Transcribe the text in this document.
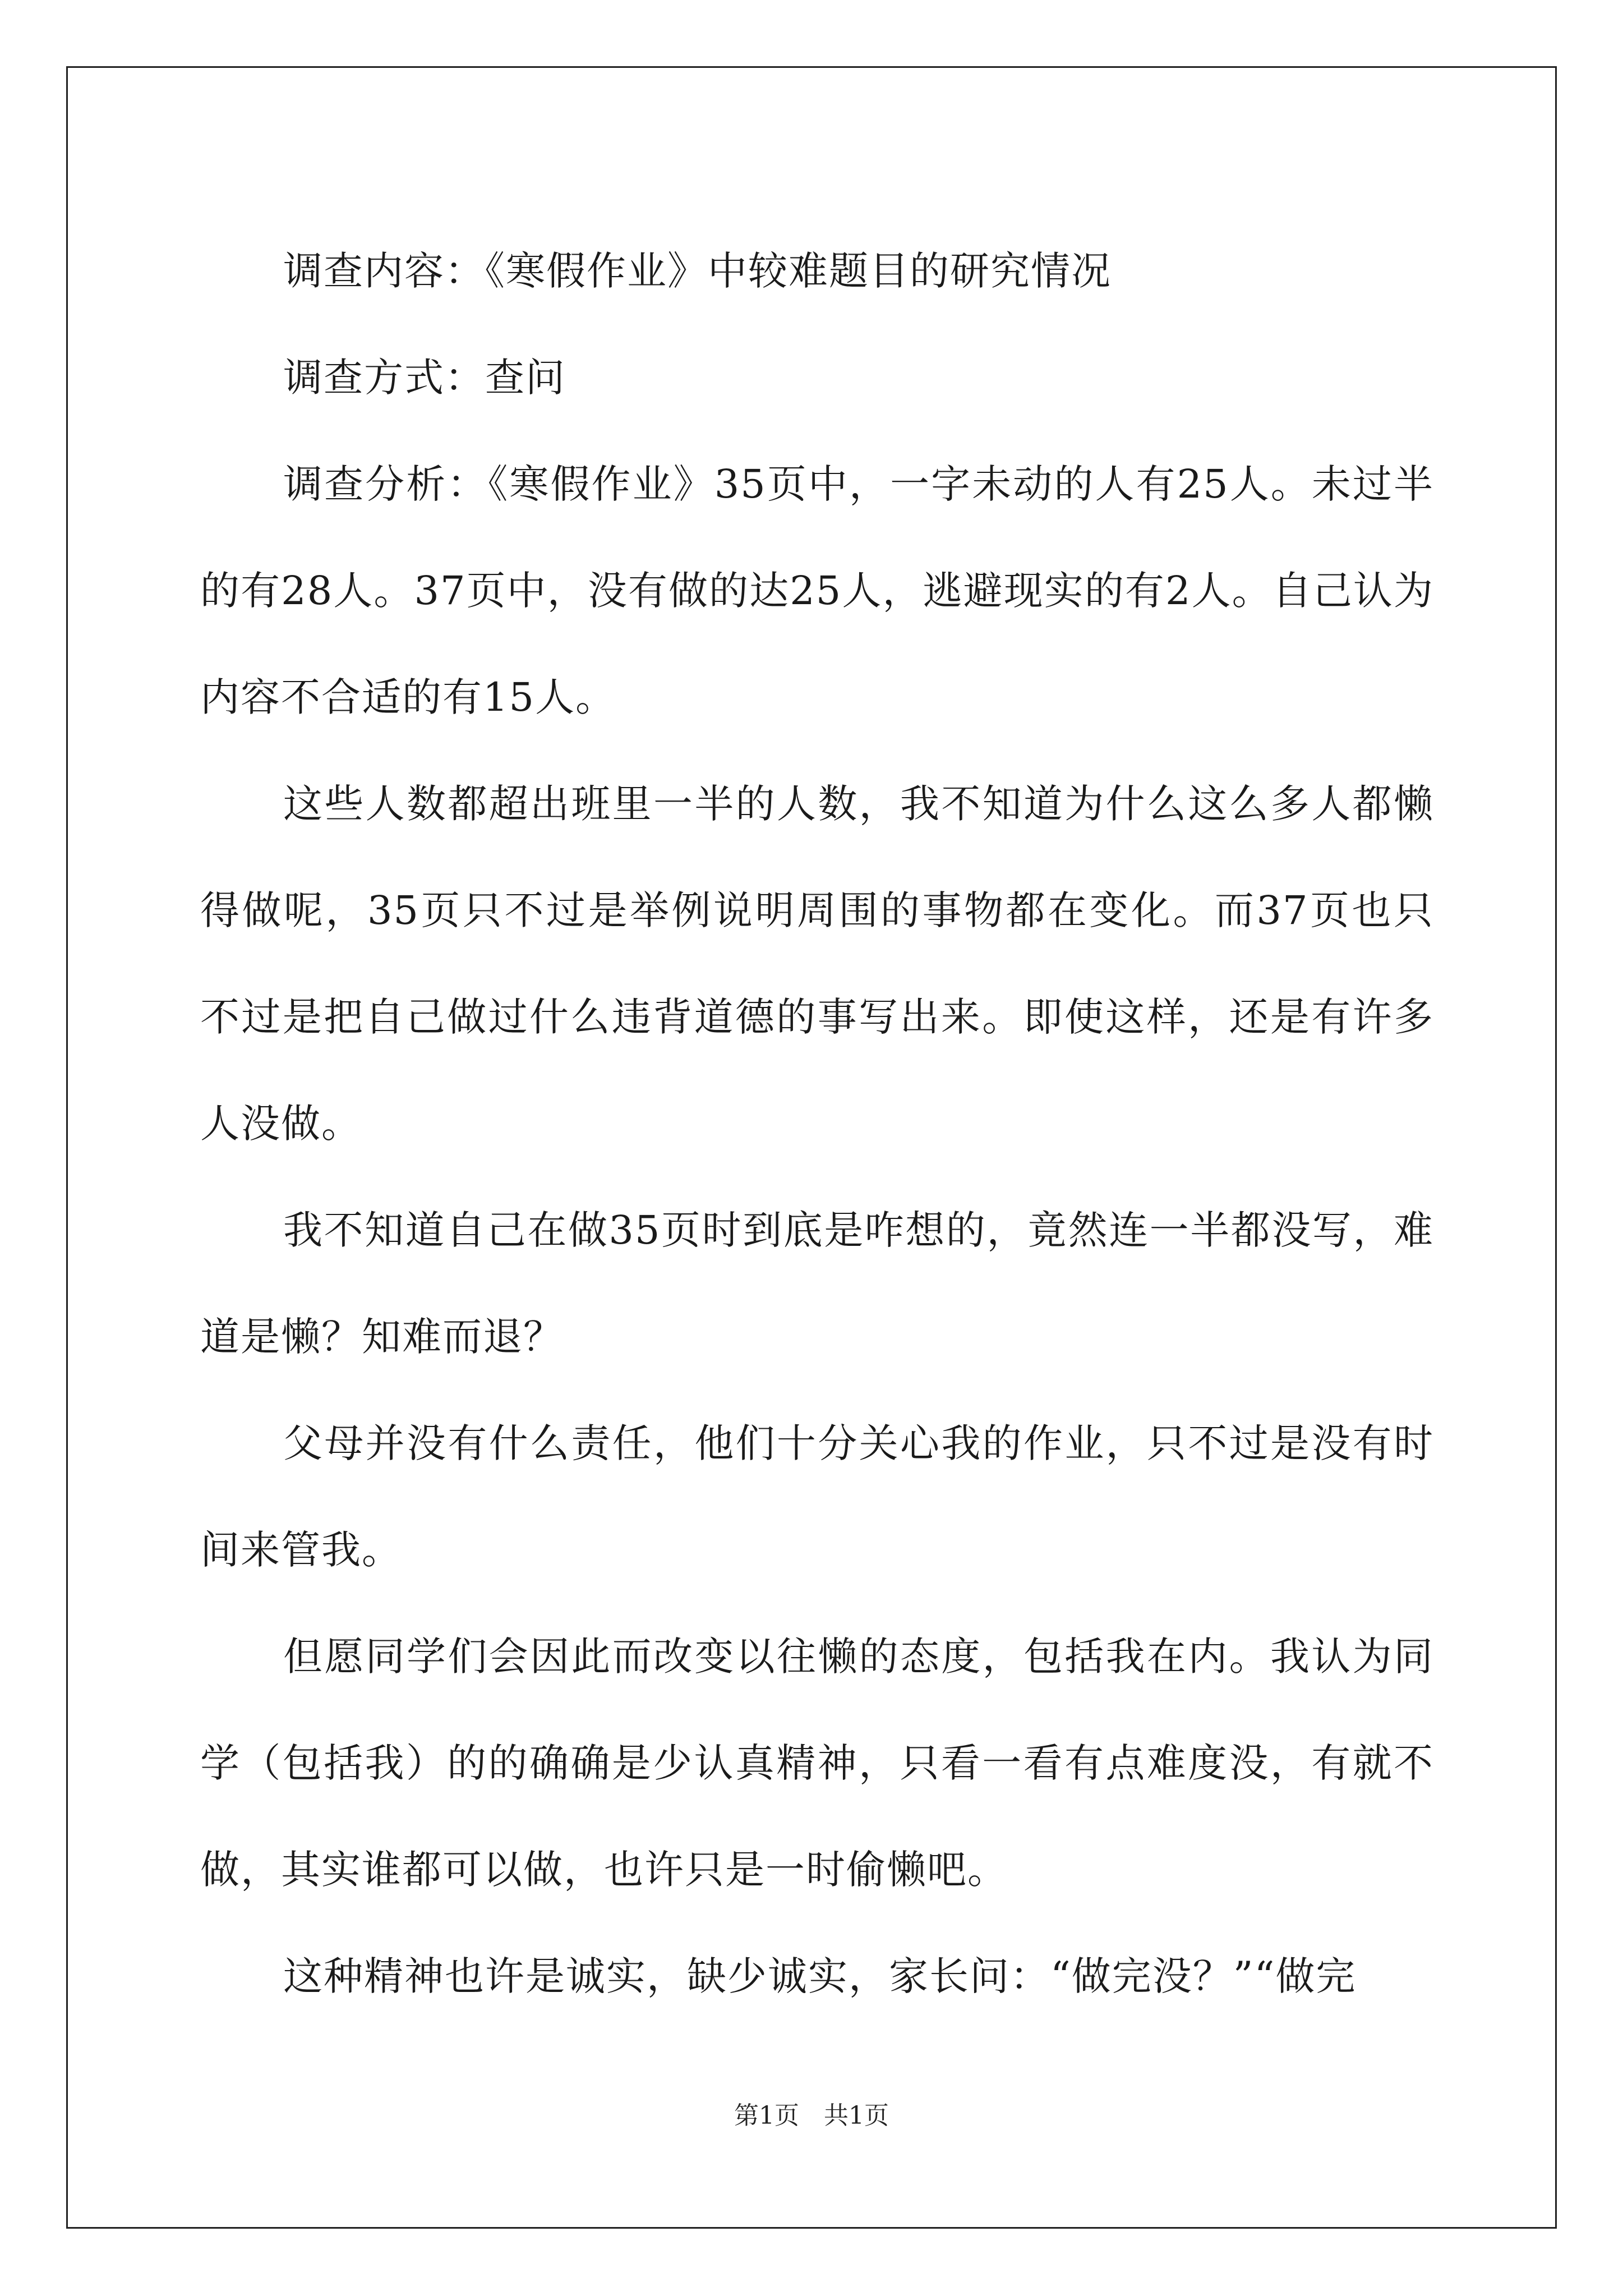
调查内容：《寒假作业》中较难题目的研究情况

调查方式：查问

调查分析：《寒假作业》35页中，一字未动的人有25人。未过半的有28人。37页中，没有做的达25人，逃避现实的有2人。自己认为内容不合适的有15人。

这些人数都超出班里一半的人数，我不知道为什么这么多人都懒得做呢，35页只不过是举例说明周围的事物都在变化。而37页也只不过是把自己做过什么违背道德的事写出来。即使这样，还是有许多人没做。

我不知道自己在做35页时到底是咋想的，竟然连一半都没写，难道是懒？知难而退？

父母并没有什么责任，他们十分关心我的作业，只不过是没有时间来管我。

但愿同学们会因此而改变以往懒的态度，包括我在内。我认为同学（包括我）的的确确是少认真精神，只看一看有点难度没，有就不做，其实谁都可以做，也许只是一时偷懒吧。

这种精神也许是诚实，缺少诚实，家长问：“做完没？”“做完

第1页 共1页
